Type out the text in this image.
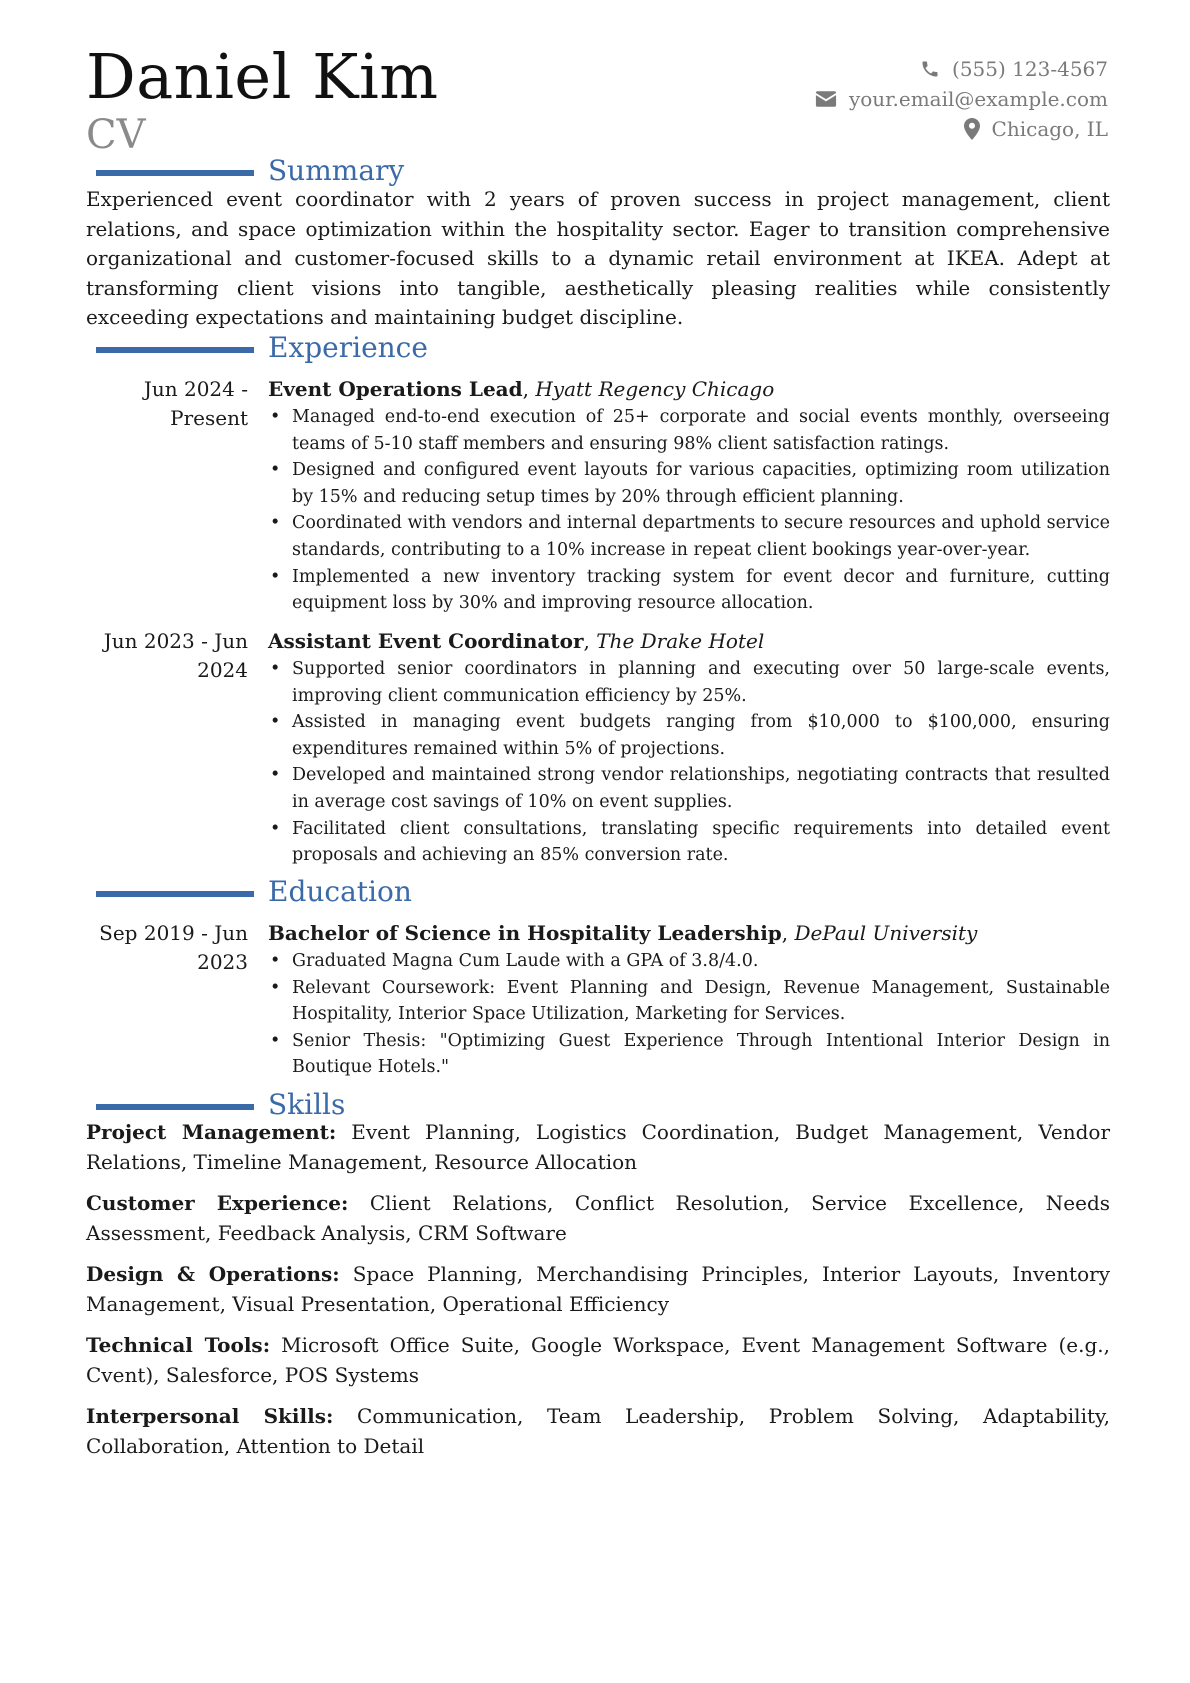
Daniel Kim
CV
(555) 123-4567
your.email@example.com
Chicago, IL
Summary
Experienced event coordinator with 2 years of proven success in project management, client relations, and space optimization within the hospitality sector. Eager to transition comprehensive organizational and customer-focused skills to a dynamic retail environment at IKEA. Adept at transforming client visions into tangible, aesthetically pleasing realities while consistently exceeding expectations and maintaining budget discipline.
Experience
Jun 2024 - Present
Event Operations Lead, Hyatt Regency Chicago
• Managed end-to-end execution of 25+ corporate and social events monthly, overseeing teams of 5-10 staff members and ensuring 98% client satisfaction ratings.
• Designed and configured event layouts for various capacities, optimizing room utilization by 15% and reducing setup times by 20% through efficient planning.
• Coordinated with vendors and internal departments to secure resources and uphold service standards, contributing to a 10% increase in repeat client bookings year-over-year.
• Implemented a new inventory tracking system for event decor and furniture, cutting equipment loss by 30% and improving resource allocation.
Jun 2023 - Jun 2024
Assistant Event Coordinator, The Drake Hotel
• Supported senior coordinators in planning and executing over 50 large-scale events, improving client communication efficiency by 25%.
• Assisted in managing event budgets ranging from $10,000 to $100,000, ensuring expenditures remained within 5% of projections.
• Developed and maintained strong vendor relationships, negotiating contracts that resulted in average cost savings of 10% on event supplies.
• Facilitated client consultations, translating specific requirements into detailed event proposals and achieving an 85% conversion rate.
Education
Sep 2019 - Jun 2023
Bachelor of Science in Hospitality Leadership, DePaul University
• Graduated Magna Cum Laude with a GPA of 3.8/4.0.
• Relevant Coursework: Event Planning and Design, Revenue Management, Sustainable Hospitality, Interior Space Utilization, Marketing for Services.
• Senior Thesis: "Optimizing Guest Experience Through Intentional Interior Design in Boutique Hotels."
Skills
Project Management: Event Planning, Logistics Coordination, Budget Management, Vendor Relations, Timeline Management, Resource Allocation
Customer Experience: Client Relations, Conflict Resolution, Service Excellence, Needs Assessment, Feedback Analysis, CRM Software
Design & Operations: Space Planning, Merchandising Principles, Interior Layouts, Inventory Management, Visual Presentation, Operational Efficiency
Technical Tools: Microsoft Office Suite, Google Workspace, Event Management Software (e.g., Cvent), Salesforce, POS Systems
Interpersonal Skills: Communication, Team Leadership, Problem Solving, Adaptability, Collaboration, Attention to Detail
